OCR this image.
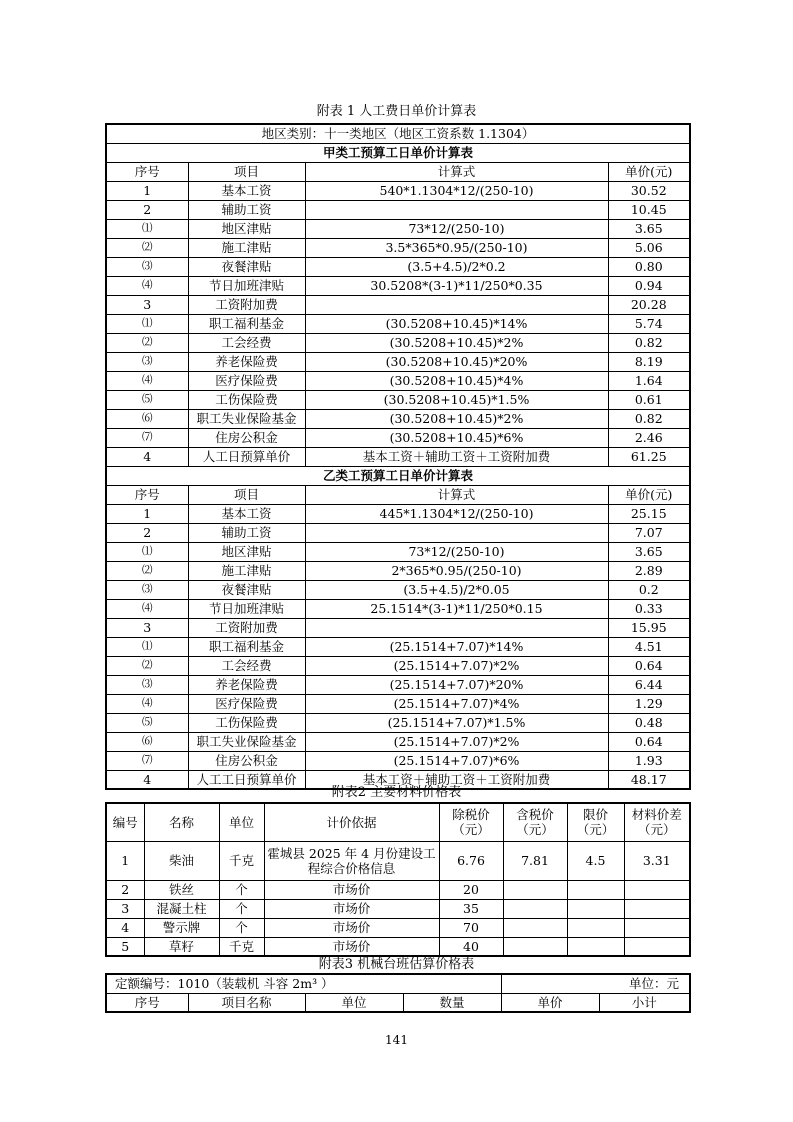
附表 1 人工费日单价计算表
地区类别：十一类地区（地区工资系数 1.1304）			
甲类工预算工日单价计算表			
序号	项目	计算式	单价(元)
1	基本工资	540*1.1304*12/(250-10)	30.52
2	辅助工资		10.45
⑴	地区津贴	73*12/(250-10)	3.65
⑵	施工津贴	3.5*365*0.95/(250-10)	5.06
⑶	夜餐津贴	(3.5+4.5)/2*0.2	0.80
⑷	节日加班津贴	30.5208*(3-1)*11/250*0.35	0.94
3	工资附加费		20.28
⑴	职工福利基金	(30.5208+10.45)*14%	5.74
⑵	工会经费	(30.5208+10.45)*2%	0.82
⑶	养老保险费	(30.5208+10.45)*20%	8.19
⑷	医疗保险费	(30.5208+10.45)*4%	1.64
⑸	工伤保险费	(30.5208+10.45)*1.5%	0.61
⑹	职工失业保险基金	(30.5208+10.45)*2%	0.82
⑺	住房公积金	(30.5208+10.45)*6%	2.46
4	人工日预算单价	基本工资＋辅助工资＋工资附加费	61.25
乙类工预算工日单价计算表			
序号	项目	计算式	单价(元)
1	基本工资	445*1.1304*12/(250-10)	25.15
2	辅助工资		7.07
⑴	地区津贴	73*12/(250-10)	3.65
⑵	施工津贴	2*365*0.95/(250-10)	2.89
⑶	夜餐津贴	(3.5+4.5)/2*0.05	0.2
⑷	节日加班津贴	25.1514*(3-1)*11/250*0.15	0.33
3	工资附加费		15.95
⑴	职工福利基金	(25.1514+7.07)*14%	4.51
⑵	工会经费	(25.1514+7.07)*2%	0.64
⑶	养老保险费	(25.1514+7.07)*20%	6.44
⑷	医疗保险费	(25.1514+7.07)*4%	1.29
⑸	工伤保险费	(25.1514+7.07)*1.5%	0.48
⑹	职工失业保险基金	(25.1514+7.07)*2%	0.64
⑺	住房公积金	(25.1514+7.07)*6%	1.93
4	人工工日预算单价	基本工资＋辅助工资＋工资附加费	48.17
附表2 主要材料价格表
编号	名称	单位	计价依据	除税价（元）	含税价（元）	限价（元）	材料价差（元）
1	柴油	千克	霍城县 2025 年 4 月份建设工程综合价格信息	6.76	7.81	4.5	3.31
2	铁丝	个	市场价	20			
3	混凝土柱	个	市场价	35			
4	警示牌	个	市场价	70			
5	草籽	千克	市场价	40			
附表3 机械台班估算价格表
定额编号：1010（装载机 斗容 2m³ ）				单位：元	
序号	项目名称	单位	数量	单价	小计
141
